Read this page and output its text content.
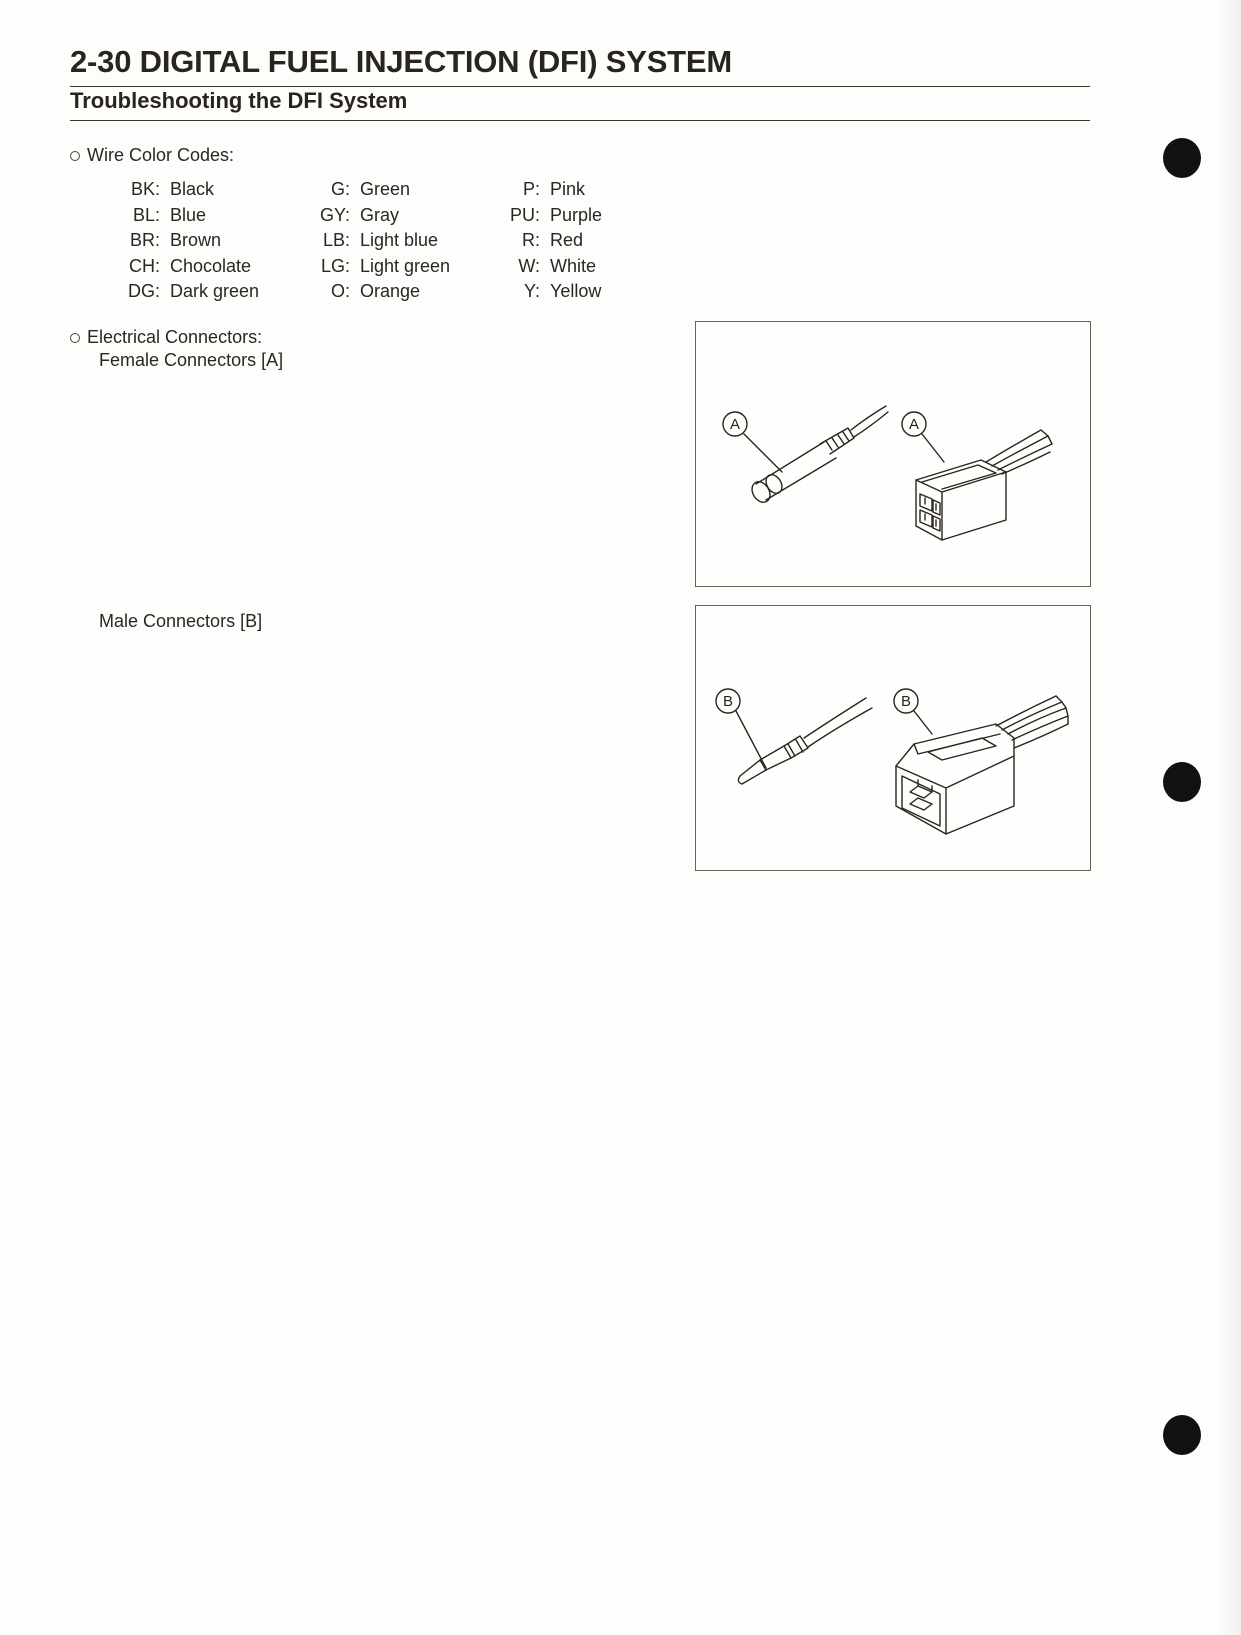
2-30 DIGITAL FUEL INJECTION (DFI) SYSTEM
Troubleshooting the DFI System
Wire Color Codes:
BK: Black
BL: Blue
BR: Brown
CH: Chocolate
DG: Dark green
G: Green
GY: Gray
LB: Light blue
LG: Light green
O: Orange
P: Pink
PU: Purple
R: Red
W: White
Y: Yellow
Electrical Connectors:
Female Connectors [A]
Male Connectors [B]
A	A
B	B
